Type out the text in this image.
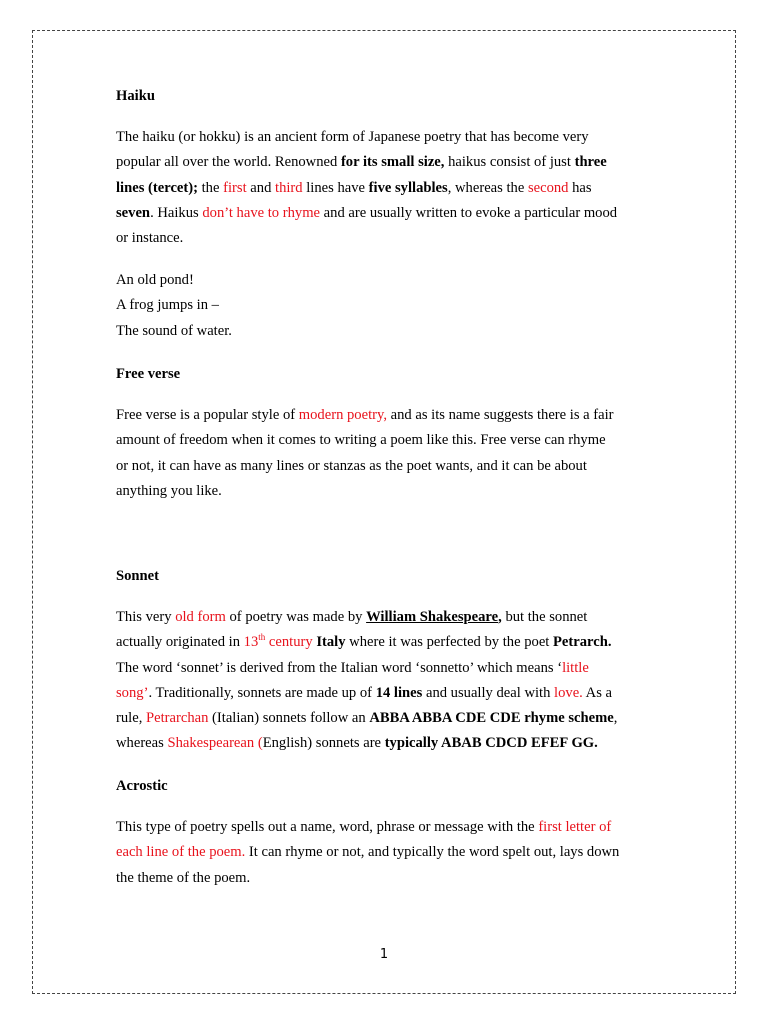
Haiku

The haiku (or hokku) is an ancient form of Japanese poetry that has become very
popular all over the world. Renowned for its small size, haikus consist of just three
lines (tercet); the first and third lines have five syllables, whereas the second has
seven. Haikus don’t have to rhyme and are usually written to evoke a particular mood
or instance.

An old pond!
A frog jumps in –
The sound of water.

Free verse

Free verse is a popular style of modern poetry, and as its name suggests there is a fair
amount of freedom when it comes to writing a poem like this. Free verse can rhyme
or not, it can have as many lines or stanzas as the poet wants, and it can be about
anything you like.

Sonnet

This very old form of poetry was made by William Shakespeare, but the sonnet
actually originated in 13th century Italy where it was perfected by the poet Petrarch.
The word ‘sonnet’ is derived from the Italian word ‘sonnetto’ which means ‘little
song’. Traditionally, sonnets are made up of 14 lines and usually deal with love. As a
rule, Petrarchan (Italian) sonnets follow an ABBA ABBA CDE CDE rhyme scheme,
whereas Shakespearean (English) sonnets are typically ABAB CDCD EFEF GG.

Acrostic

This type of poetry spells out a name, word, phrase or message with the first letter of
each line of the poem. It can rhyme or not, and typically the word spelt out, lays down
the theme of the poem.

1
